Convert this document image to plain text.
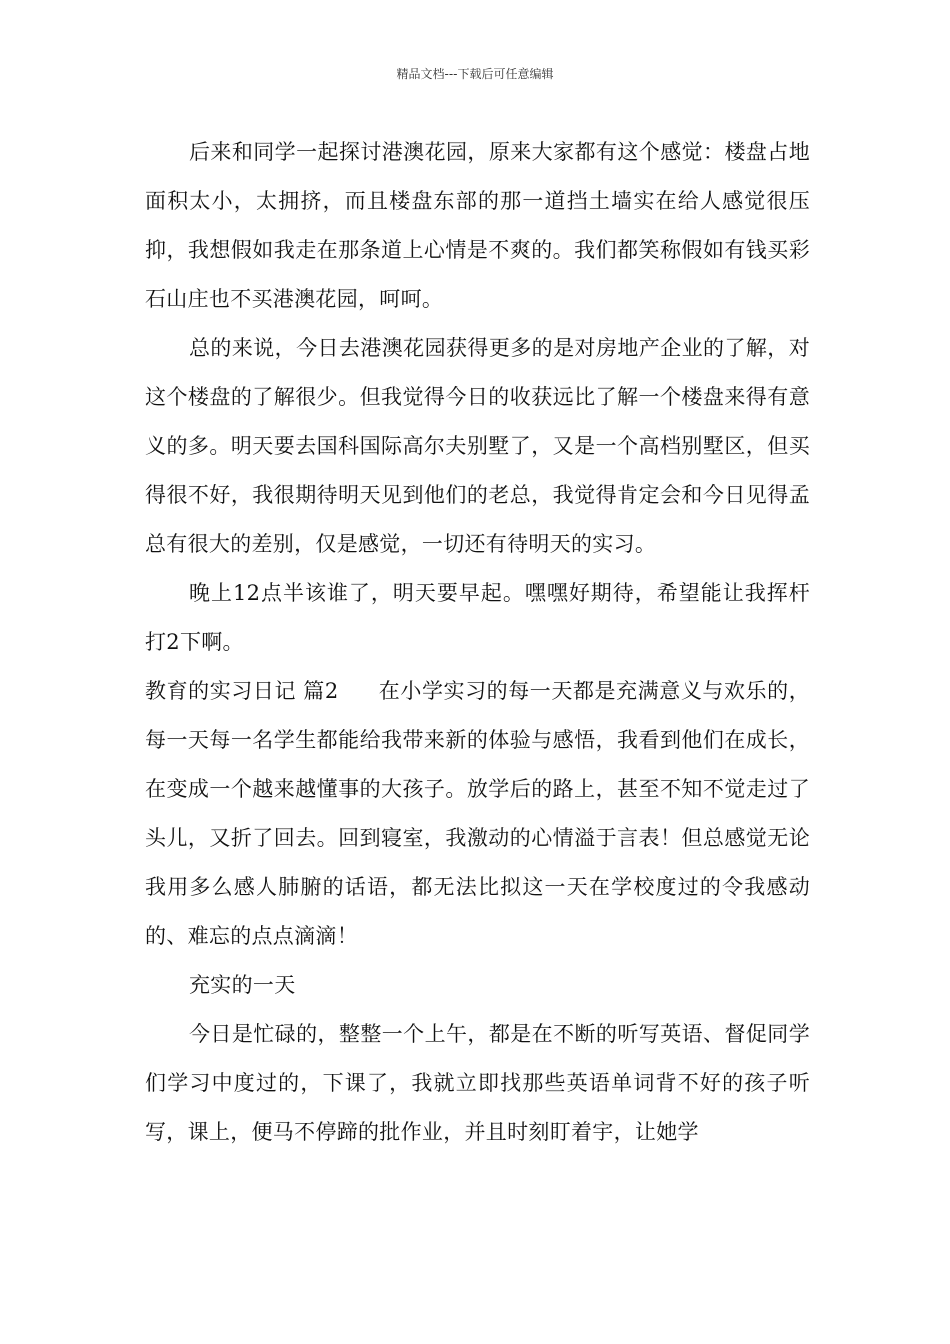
精品文档---下载后可任意编辑

后来和同学一起探讨港澳花园，原来大家都有这个感觉：楼盘占地面积太小，太拥挤，而且楼盘东部的那一道挡土墙实在给人感觉很压抑，我想假如我走在那条道上心情是不爽的。我们都笑称假如有钱买彩石山庄也不买港澳花园，呵呵。

总的来说，今日去港澳花园获得更多的是对房地产企业的了解，对这个楼盘的了解很少。但我觉得今日的收获远比了解一个楼盘来得有意义的多。明天要去国科国际高尔夫别墅了，又是一个高档别墅区，但买得很不好，我很期待明天见到他们的老总，我觉得肯定会和今日见得孟总有很大的差别，仅是感觉，一切还有待明天的实习。

晚上12点半该谁了，明天要早起。嘿嘿好期待，希望能让我挥杆打2下啊。

教育的实习日记 篇2 在小学实习的每一天都是充满意义与欢乐的，每一天每一名学生都能给我带来新的体验与感悟，我看到他们在成长，在变成一个越来越懂事的大孩子。放学后的路上，甚至不知不觉走过了头儿，又折了回去。回到寝室，我激动的心情溢于言表！但总感觉无论我用多么感人肺腑的话语，都无法比拟这一天在学校度过的令我感动的、难忘的点点滴滴！

充实的一天

今日是忙碌的，整整一个上午，都是在不断的听写英语、督促同学们学习中度过的，下课了，我就立即找那些英语单词背不好的孩子听写，课上，便马不停蹄的批作业，并且时刻盯着宇，让她学
